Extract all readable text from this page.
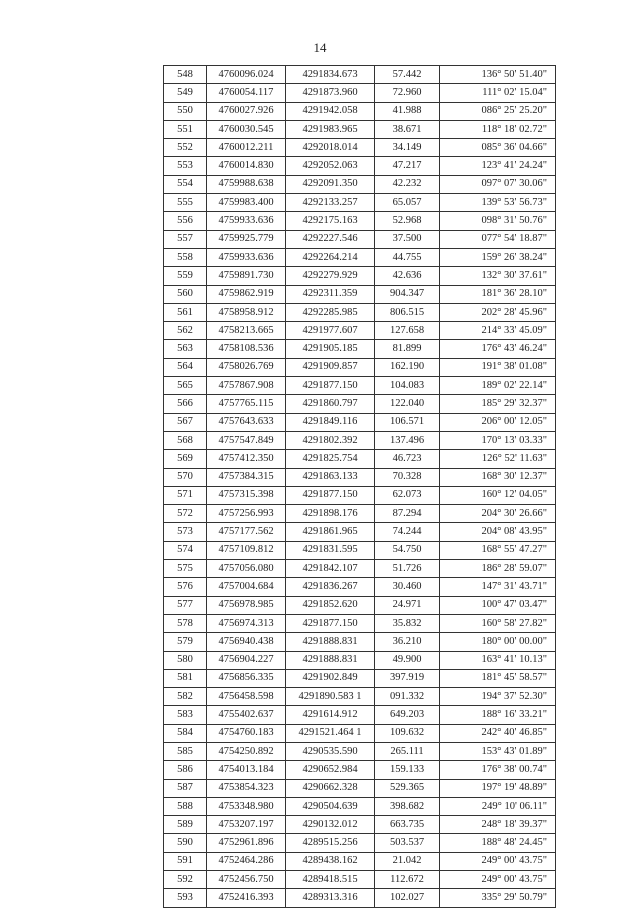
14
548	4760096.024	4291834.673	57.442	136° 50' 51.40"
549	4760054.117	4291873.960	72.960	111° 02' 15.04"
550	4760027.926	4291942.058	41.988	086° 25' 25.20"
551	4760030.545	4291983.965	38.671	118° 18' 02.72"
552	4760012.211	4292018.014	34.149	085° 36' 04.66"
553	4760014.830	4292052.063	47.217	123° 41' 24.24"
554	4759988.638	4292091.350	42.232	097° 07' 30.06"
555	4759983.400	4292133.257	65.057	139° 53' 56.73"
556	4759933.636	4292175.163	52.968	098° 31' 50.76"
557	4759925.779	4292227.546	37.500	077° 54' 18.87"
558	4759933.636	4292264.214	44.755	159° 26' 38.24"
559	4759891.730	4292279.929	42.636	132° 30' 37.61"
560	4759862.919	4292311.359	904.347	181° 36' 28.10"
561	4758958.912	4292285.985	806.515	202° 28' 45.96"
562	4758213.665	4291977.607	127.658	214° 33' 45.09"
563	4758108.536	4291905.185	81.899	176° 43' 46.24"
564	4758026.769	4291909.857	162.190	191° 38' 01.08"
565	4757867.908	4291877.150	104.083	189° 02' 22.14"
566	4757765.115	4291860.797	122.040	185° 29' 32.37"
567	4757643.633	4291849.116	106.571	206° 00' 12.05"
568	4757547.849	4291802.392	137.496	170° 13' 03.33"
569	4757412.350	4291825.754	46.723	126° 52' 11.63"
570	4757384.315	4291863.133	70.328	168° 30' 12.37"
571	4757315.398	4291877.150	62.073	160° 12' 04.05"
572	4757256.993	4291898.176	87.294	204° 30' 26.66"
573	4757177.562	4291861.965	74.244	204° 08' 43.95"
574	4757109.812	4291831.595	54.750	168° 55' 47.27"
575	4757056.080	4291842.107	51.726	186° 28' 59.07"
576	4757004.684	4291836.267	30.460	147° 31' 43.71"
577	4756978.985	4291852.620	24.971	100° 47' 03.47"
578	4756974.313	4291877.150	35.832	160° 58' 27.82"
579	4756940.438	4291888.831	36.210	180° 00' 00.00"
580	4756904.227	4291888.831	49.900	163° 41' 10.13"
581	4756856.335	4291902.849	397.919	181° 45' 58.57"
582	4756458.598	4291890.583 1	091.332	194° 37' 52.30"
583	4755402.637	4291614.912	649.203	188° 16' 33.21"
584	4754760.183	4291521.464 1	109.632	242° 40' 46.85"
585	4754250.892	4290535.590	265.111	153° 43' 01.89"
586	4754013.184	4290652.984	159.133	176° 38' 00.74"
587	4753854.323	4290662.328	529.365	197° 19' 48.89"
588	4753348.980	4290504.639	398.682	249° 10' 06.11"
589	4753207.197	4290132.012	663.735	248° 18' 39.37"
590	4752961.896	4289515.256	503.537	188° 48' 24.45"
591	4752464.286	4289438.162	21.042	249° 00' 43.75"
592	4752456.750	4289418.515	112.672	249° 00' 43.75"
593	4752416.393	4289313.316	102.027	335° 29' 50.79"
